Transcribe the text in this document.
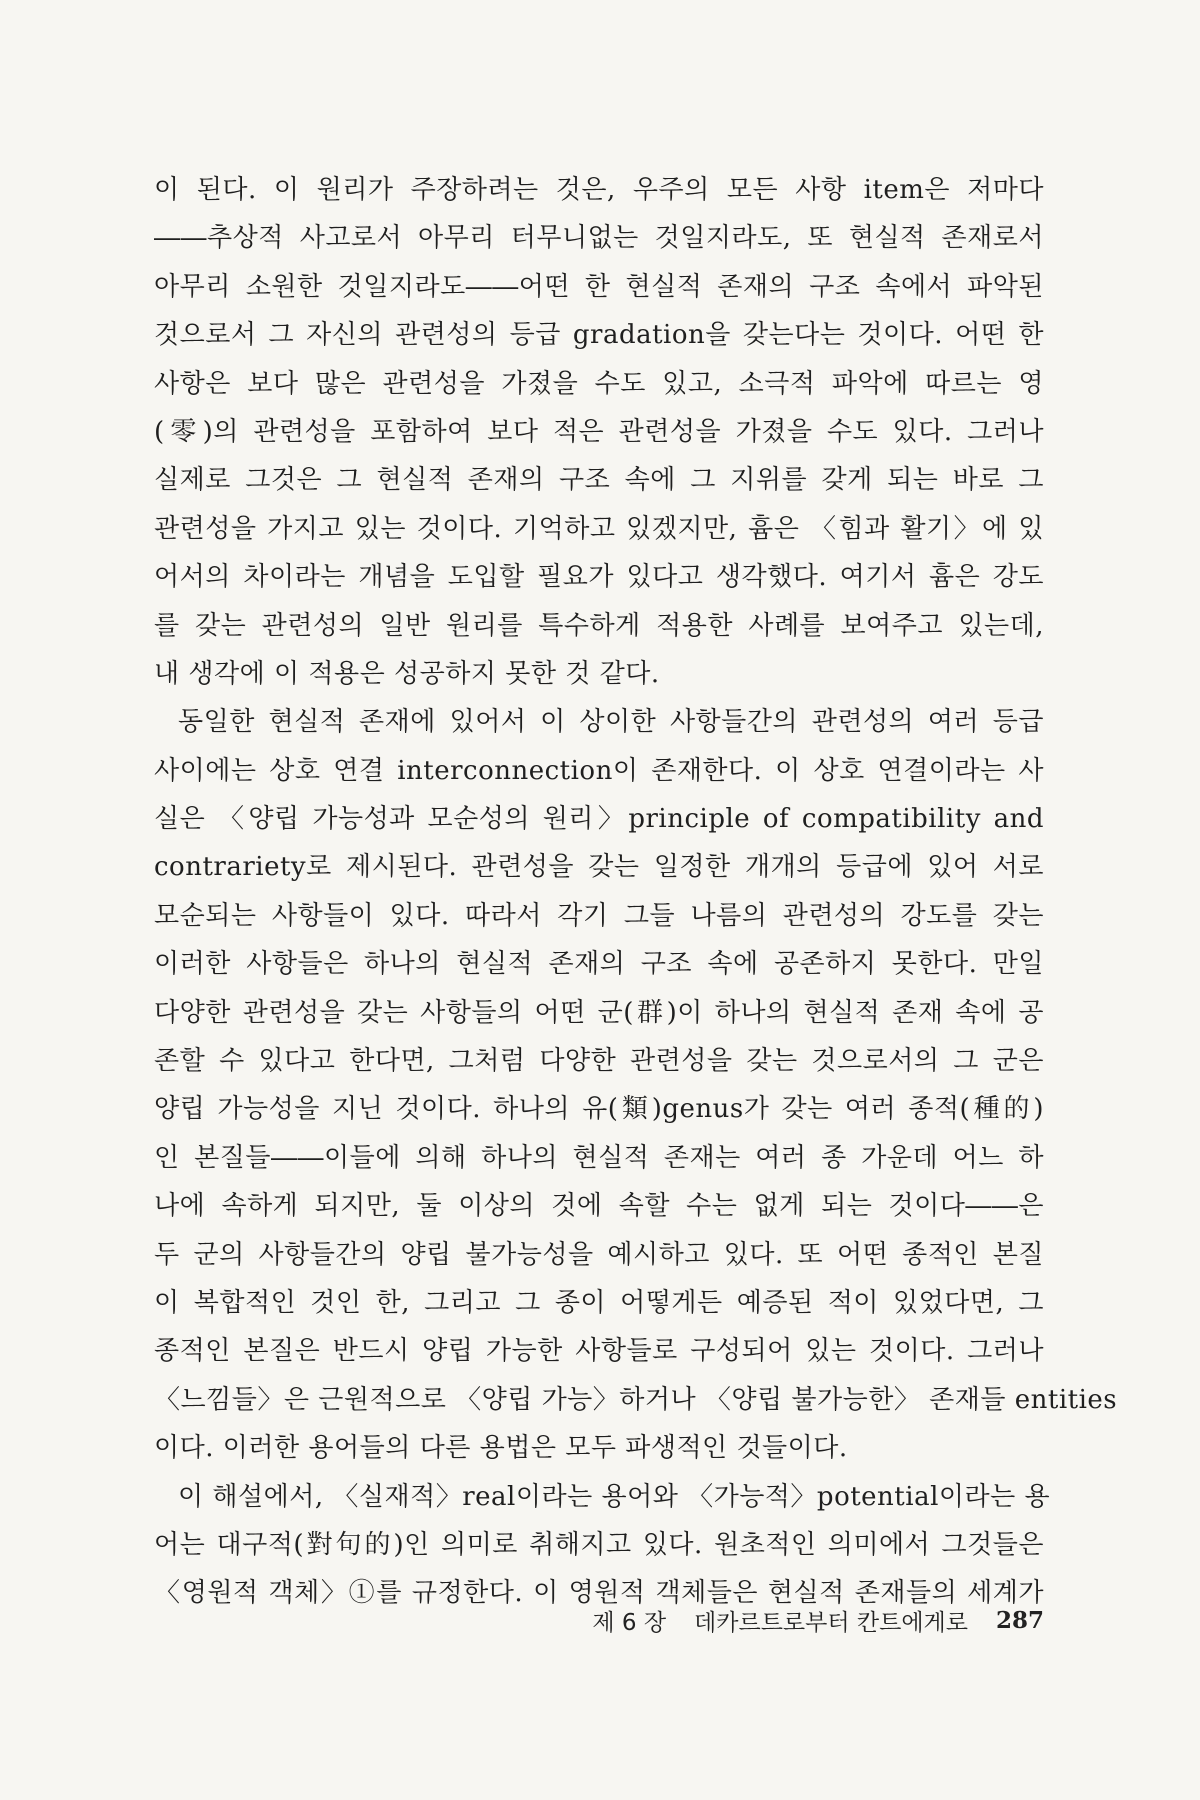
이 된다. 이 원리가 주장하려는 것은, 우주의 모든 사항 item은 저마다
――추상적 사고로서 아무리 터무니없는 것일지라도, 또 현실적 존재로서
아무리 소원한 것일지라도――어떤 한 현실적 존재의 구조 속에서 파악된
것으로서 그 자신의 관련성의 등급 gradation을 갖는다는 것이다. 어떤 한
사항은 보다 많은 관련성을 가졌을 수도 있고, 소극적 파악에 따르는 영
(零)의 관련성을 포함하여 보다 적은 관련성을 가졌을 수도 있다. 그러나
실제로 그것은 그 현실적 존재의 구조 속에 그 지위를 갖게 되는 바로 그
관련성을 가지고 있는 것이다. 기억하고 있겠지만, 흄은 〈힘과 활기〉에 있
어서의 차이라는 개념을 도입할 필요가 있다고 생각했다. 여기서 흄은 강도
를 갖는 관련성의 일반 원리를 특수하게 적용한 사례를 보여주고 있는데,
내 생각에 이 적용은 성공하지 못한 것 같다.
동일한 현실적 존재에 있어서 이 상이한 사항들간의 관련성의 여러 등급
사이에는 상호 연결 interconnection이 존재한다. 이 상호 연결이라는 사
실은 〈양립 가능성과 모순성의 원리〉principle of compatibility and
contrariety로 제시된다. 관련성을 갖는 일정한 개개의 등급에 있어 서로
모순되는 사항들이 있다. 따라서 각기 그들 나름의 관련성의 강도를 갖는
이러한 사항들은 하나의 현실적 존재의 구조 속에 공존하지 못한다. 만일
다양한 관련성을 갖는 사항들의 어떤 군(群)이 하나의 현실적 존재 속에 공
존할 수 있다고 한다면, 그처럼 다양한 관련성을 갖는 것으로서의 그 군은
양립 가능성을 지닌 것이다. 하나의 유(類)genus가 갖는 여러 종적(種的)
인 본질들――이들에 의해 하나의 현실적 존재는 여러 종 가운데 어느 하
나에 속하게 되지만, 둘 이상의 것에 속할 수는 없게 되는 것이다――은
두 군의 사항들간의 양립 불가능성을 예시하고 있다. 또 어떤 종적인 본질
이 복합적인 것인 한, 그리고 그 종이 어떻게든 예증된 적이 있었다면, 그
종적인 본질은 반드시 양립 가능한 사항들로 구성되어 있는 것이다. 그러나
〈느낌들〉은 근원적으로 〈양립 가능〉하거나 〈양립 불가능한〉 존재들 entities
이다. 이러한 용어들의 다른 용법은 모두 파생적인 것들이다.
이 해설에서, 〈실재적〉real이라는 용어와 〈가능적〉potential이라는 용
어는 대구적(對句的)인 의미로 취해지고 있다. 원초적인 의미에서 그것들은
〈영원적 객체〉①를 규정한다. 이 영원적 객체들은 현실적 존재들의 세계가
제 6 장 데카르트로부터 칸트에게로 287
